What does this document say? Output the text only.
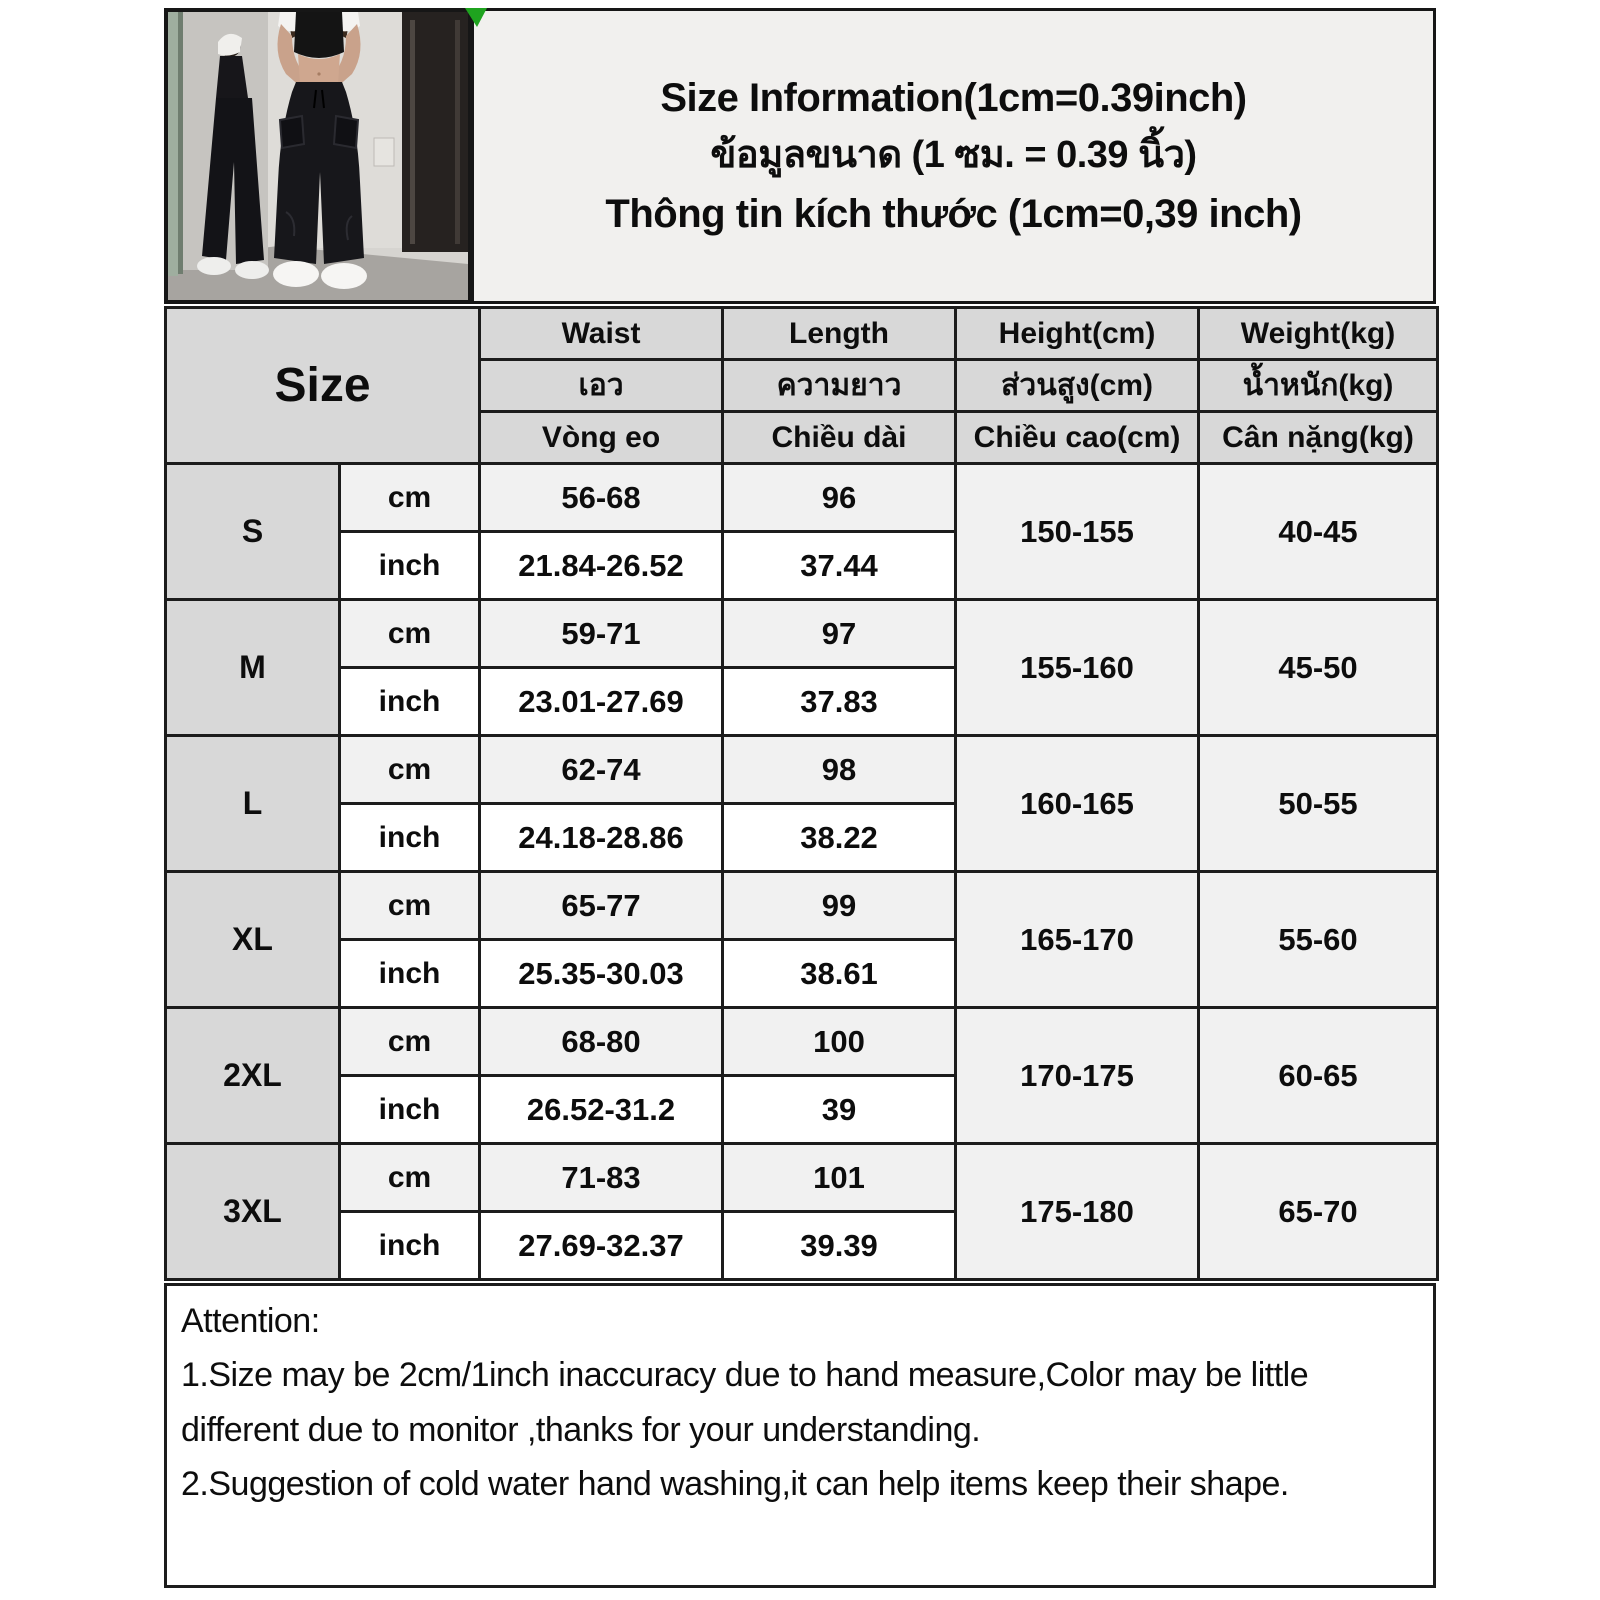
Size Information(1cm=0.39inch)
ข้อมูลขนาด (1 ซม. = 0.39 นิ้ว)
Thông tin kích thước (1cm=0,39 inch)
Size		Waist	Length	Height(cm)	Weight(kg)
		เอว	ความยาว	ส่วนสูง(cm)	น้ำหนัก(kg)
		Vòng eo	Chiều dài	Chiều cao(cm)	Cân nặng(kg)
S	cm	56-68	96	150-155	40-45
	inch	21.84-26.52	37.44		
M	cm	59-71	97	155-160	45-50
	inch	23.01-27.69	37.83		
L	cm	62-74	98	160-165	50-55
	inch	24.18-28.86	38.22		
XL	cm	65-77	99	165-170	55-60
	inch	25.35-30.03	38.61		
2XL	cm	68-80	100	170-175	60-65
	inch	26.52-31.2	39		
3XL	cm	71-83	101	175-180	65-70
	inch	27.69-32.37	39.39		

Attention:

1.Size may be 2cm/1inch inaccuracy due to hand measure,Color may be little different due to monitor ,thanks for your understanding.

2.Suggestion of cold water hand washing,it can help items keep their shape.
